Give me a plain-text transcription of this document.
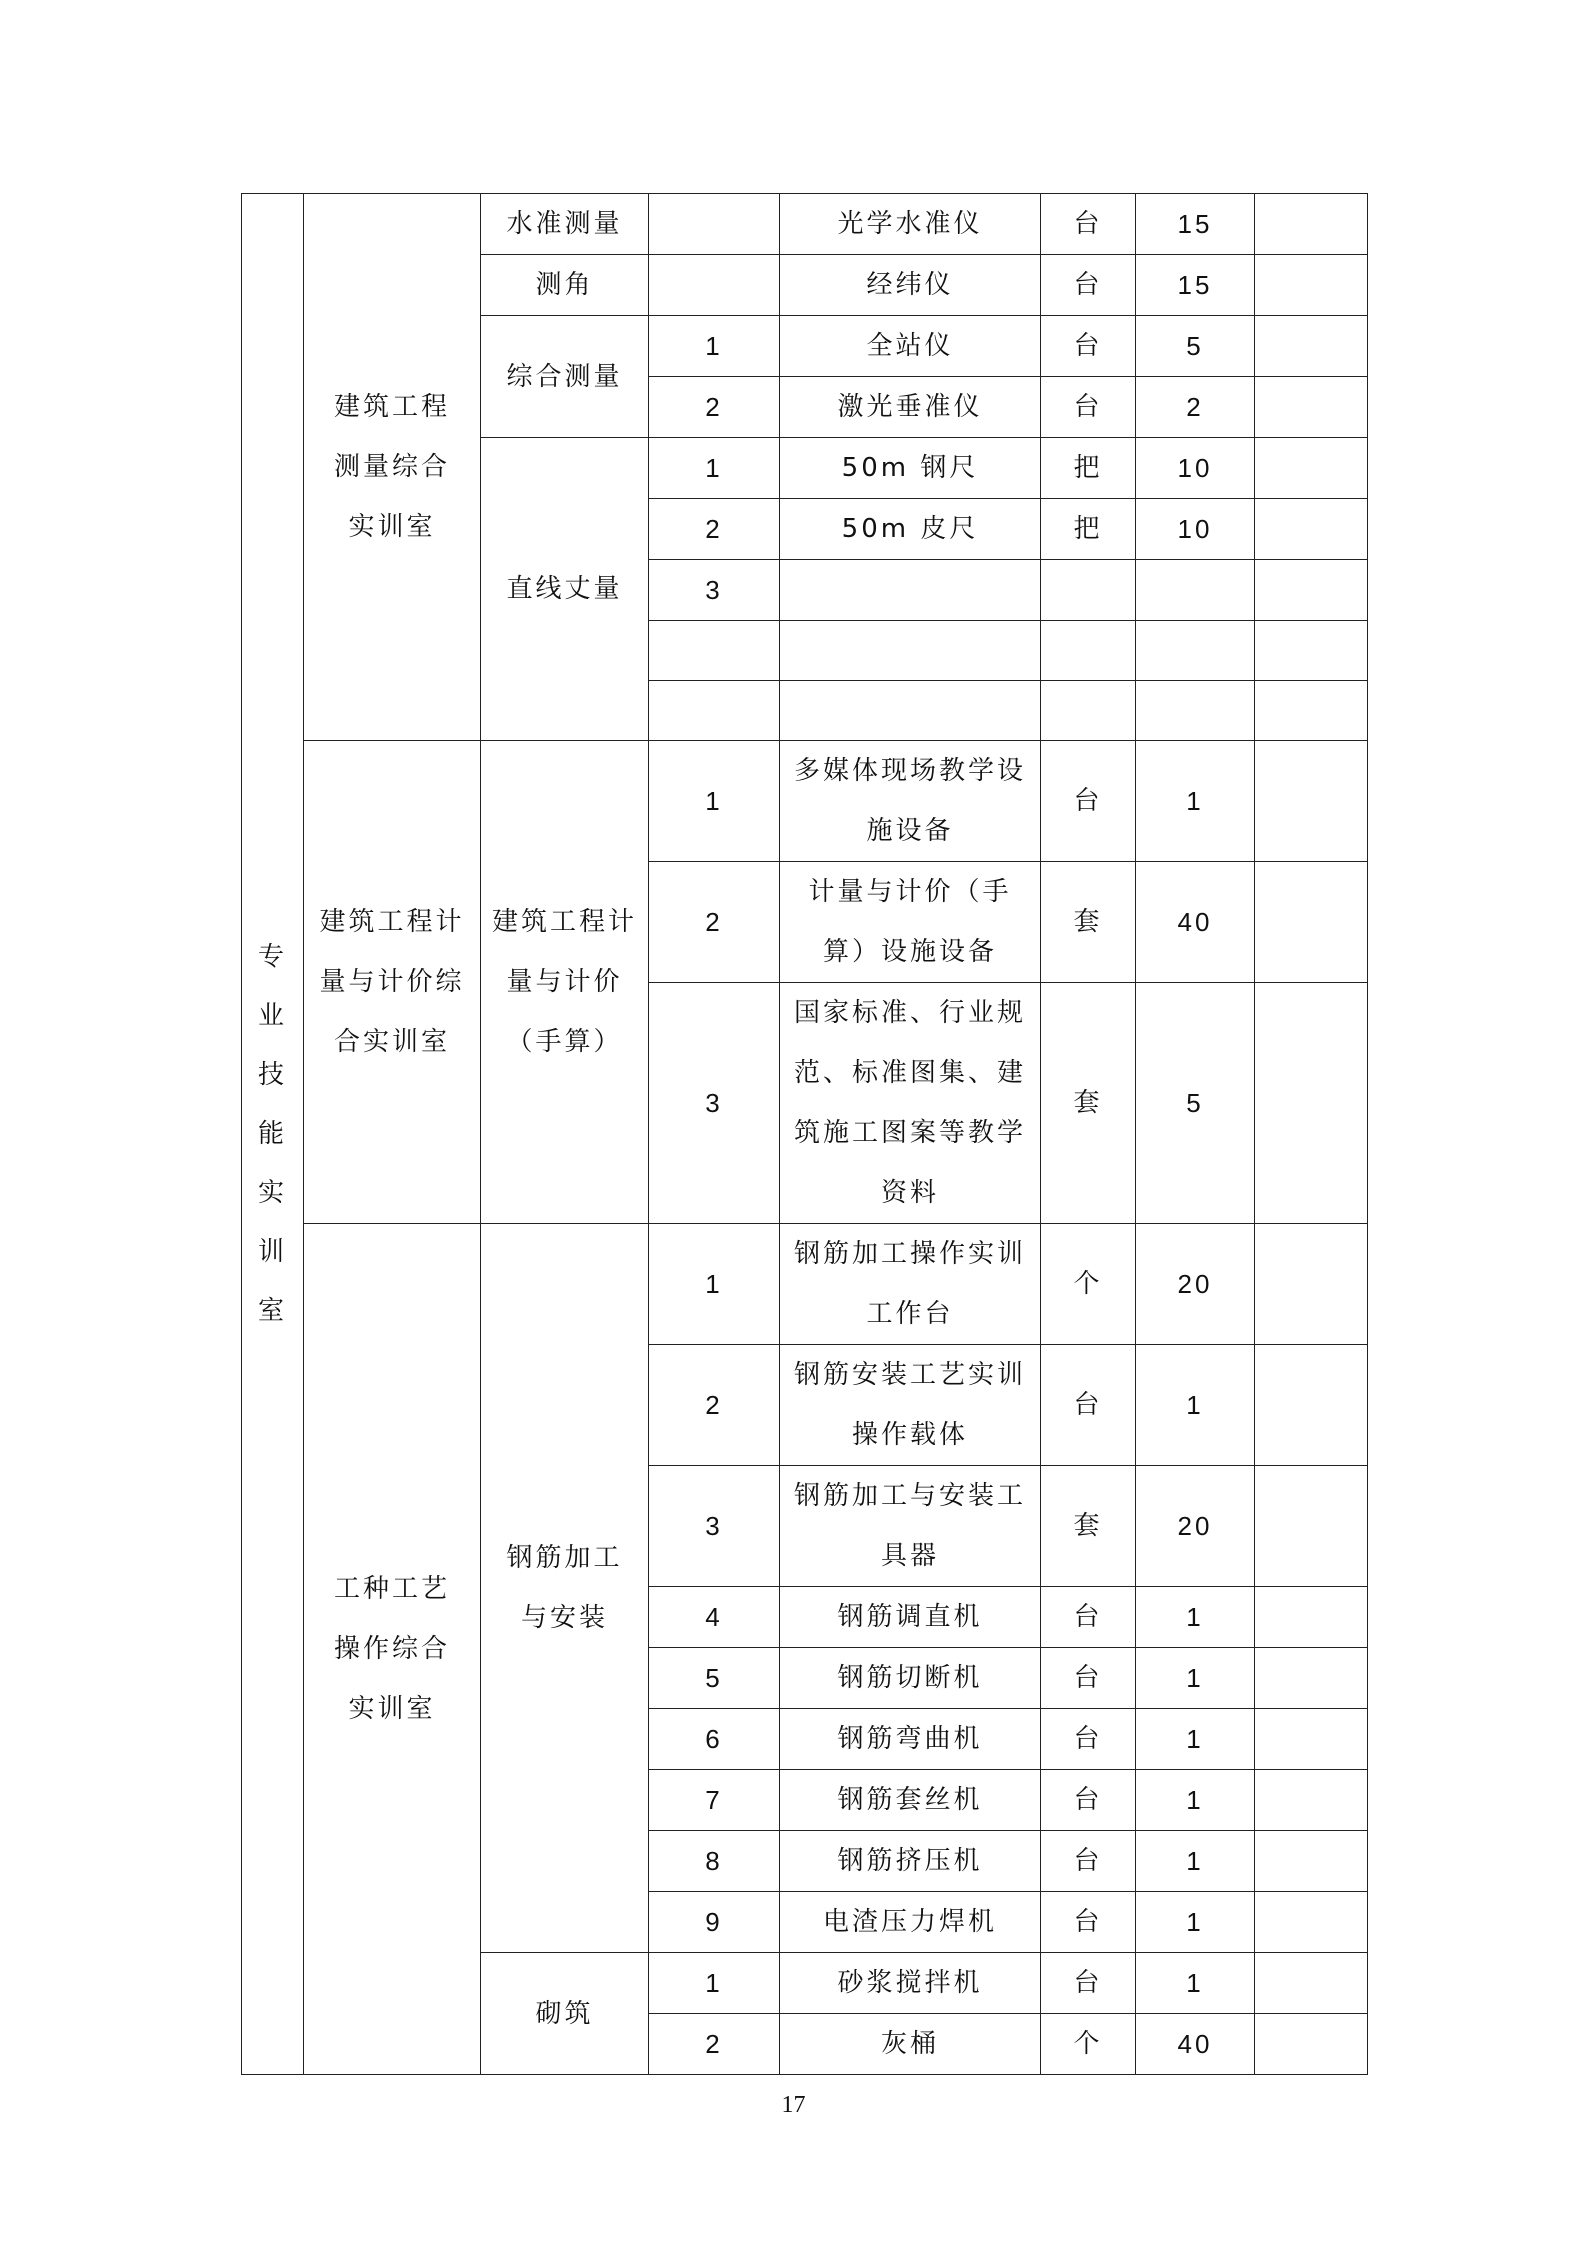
专业技能实训室	建筑工程测量综合实训室	水准测量		光学水准仪	台	15	
		测角		经纬仪	台	15	
		综合测量	1	全站仪	台	5	
			2	激光垂准仪	台	2	
		直线丈量	1	50m 钢尺	把	10	
			2	50m 皮尺	把	10	
			3				

	建筑工程计量与计价综合实训室	建筑工程计量与计价（手算）	1	多媒体现场教学设施设备	台	1	
			2	计量与计价（手算）设施设备	套	40	
			3	国家标准、行业规范、标准图集、建筑施工图案等教学资料	套	5	

	工种工艺操作综合实训室	钢筋加工与安装	1	钢筋加工操作实训工作台	个	20	
			2	钢筋安装工艺实训操作载体	台	1	
			3	钢筋加工与安装工具器	套	20	
			4	钢筋调直机	台	1	
			5	钢筋切断机	台	1	
			6	钢筋弯曲机	台	1	
			7	钢筋套丝机	台	1	
			8	钢筋挤压机	台	1	
			9	电渣压力焊机	台	1	
		砌筑	1	砂浆搅拌机	台	1	
			2	灰桶	个	40	
17
